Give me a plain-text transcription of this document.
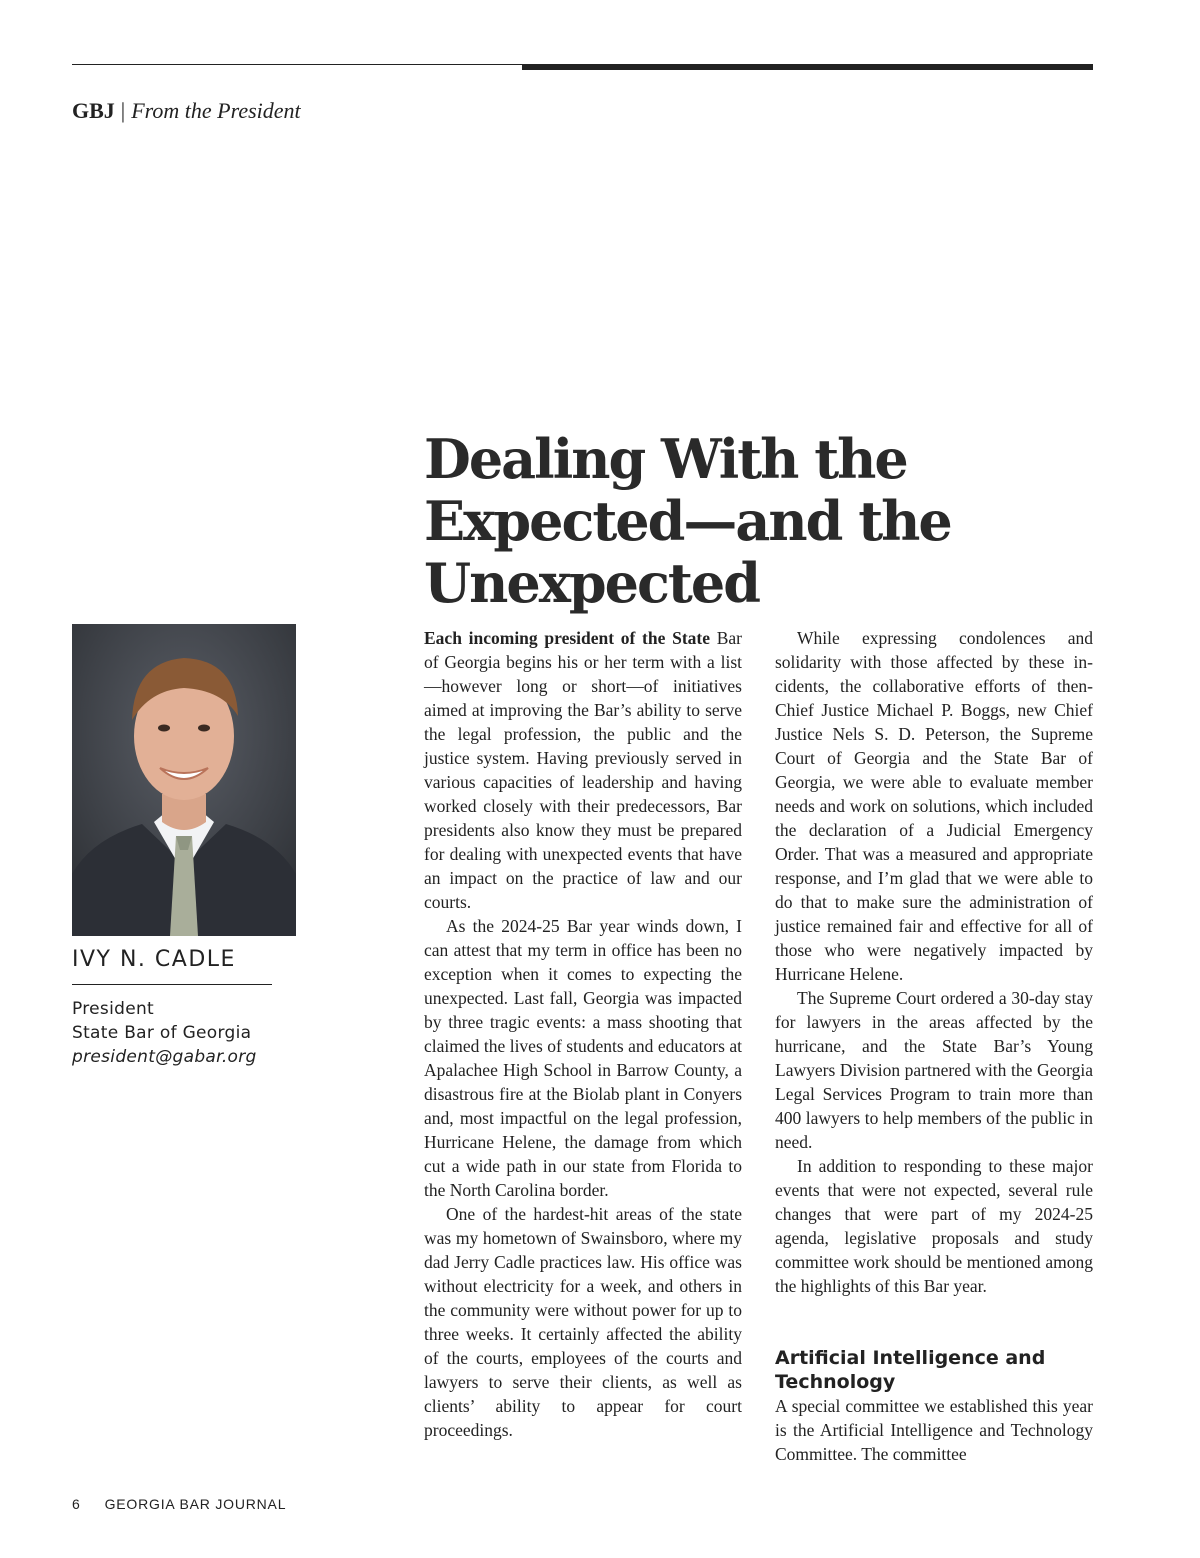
GBJ | From the President
Dealing With the
Expected—and the
Unexpected
IVY N. CADLE
President
State Bar of Georgia
president@gabar.org

Each incoming president of the State Bar of Georgia begins his or her term with a list—however long or short—of initiatives aimed at improving the Bar’s ability to serve the legal profession, the public and the justice system. Having previously served in various capacities of leadership and having worked closely with their predecessors, Bar presidents also know they must be prepared for dealing with unexpected events that have an impact on the practice of law and our courts.

As the 2024-25 Bar year winds down, I can attest that my term in office has been no exception when it comes to expecting the unexpected. Last fall, Georgia was impacted by three tragic events: a mass shooting that claimed the lives of students and educators at Apalachee High School in Barrow County, a disastrous fire at the Biolab plant in Conyers and, most impactful on the legal profession, Hurricane Helene, the damage from which cut a wide path in our state from Florida to the North Carolina border.

One of the hardest-hit areas of the state was my hometown of Swainsboro, where my dad Jerry Cadle practices law. His office was without electricity for a week, and others in the community were without power for up to three weeks. It certainly affected the ability of the courts, employees of the courts and lawyers to serve their clients, as well as clients’ ability to appear for court proceedings.

While expressing condolences and solidarity with those affected by these incidents, the collaborative efforts of then-Chief Justice Michael P. Boggs, new Chief Justice Nels S. D. Peterson, the Supreme Court of Georgia and the State Bar of Georgia, we were able to evaluate member needs and work on solutions, which included the declaration of a Judicial Emergency Order. That was a measured and appropriate response, and I’m glad that we were able to do that to make sure the administration of justice remained fair and effective for all of those who were negatively impacted by Hurricane Helene.

The Supreme Court ordered a 30-day stay for lawyers in the areas affected by the hurricane, and the State Bar’s Young Lawyers Division partnered with the Georgia Legal Services Program to train more than 400 lawyers to help members of the public in need.

In addition to responding to these major events that were not expected, several rule changes that were part of my 2024-25 agenda, legislative proposals and study committee work should be mentioned among the highlights of this Bar year.

Artificial Intelligence and Technology

A special committee we established this year is the Artificial Intelligence and Technology Committee. The committee

6 GEORGIA BAR JOURNAL
